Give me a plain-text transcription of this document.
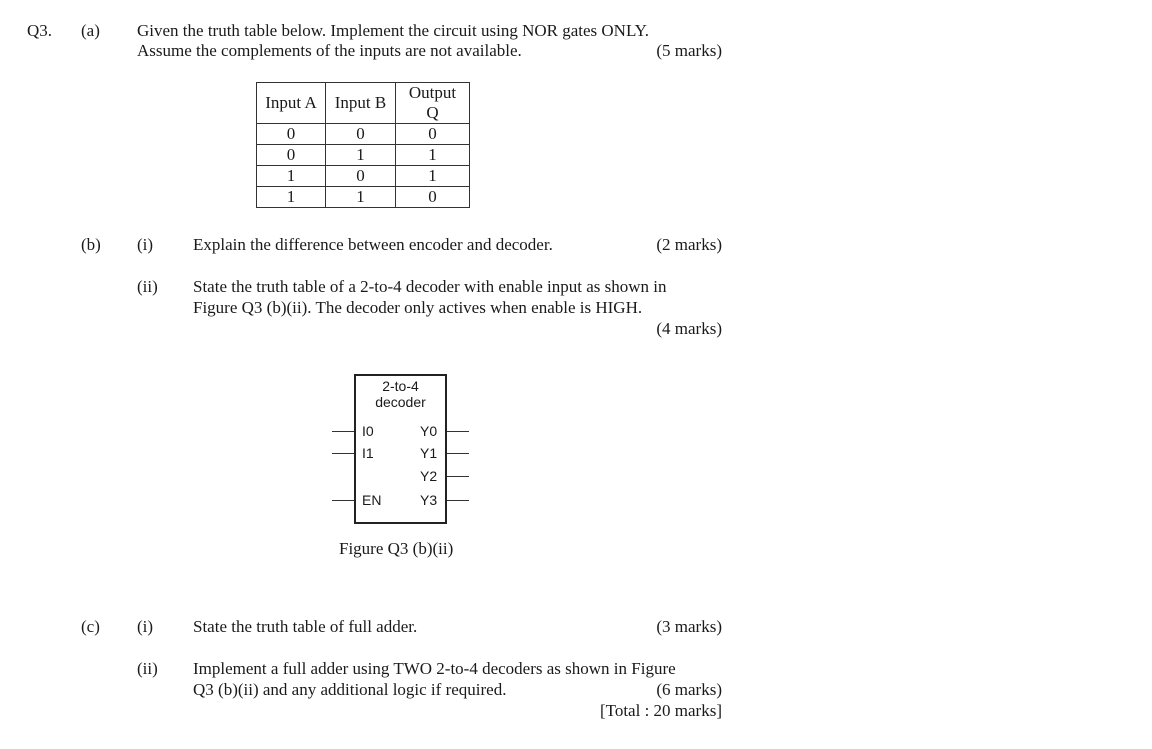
Q3. (a) Given the truth table below. Implement the circuit using NOR gates ONLY.
Assume the complements of the inputs are not available.	(5 marks)
Input A	Input B	Output Q
0	0	0
0	1	1
1	0	1
1	1	0
(b) (i) Explain the difference between encoder and decoder.	(2 marks)
(ii) State the truth table of a 2-to-4 decoder with enable input as shown in
Figure Q3 (b)(ii). The decoder only actives when enable is HIGH.
(4 marks)
2-to-4
decoder
I0
I1
EN
Y0
Y1
Y2
Y3
Figure Q3 (b)(ii)
(c) (i) State the truth table of full adder.	(3 marks)
(ii) Implement a full adder using TWO 2-to-4 decoders as shown in Figure
Q3 (b)(ii) and any additional logic if required.	(6 marks)
[Total : 20 marks]
